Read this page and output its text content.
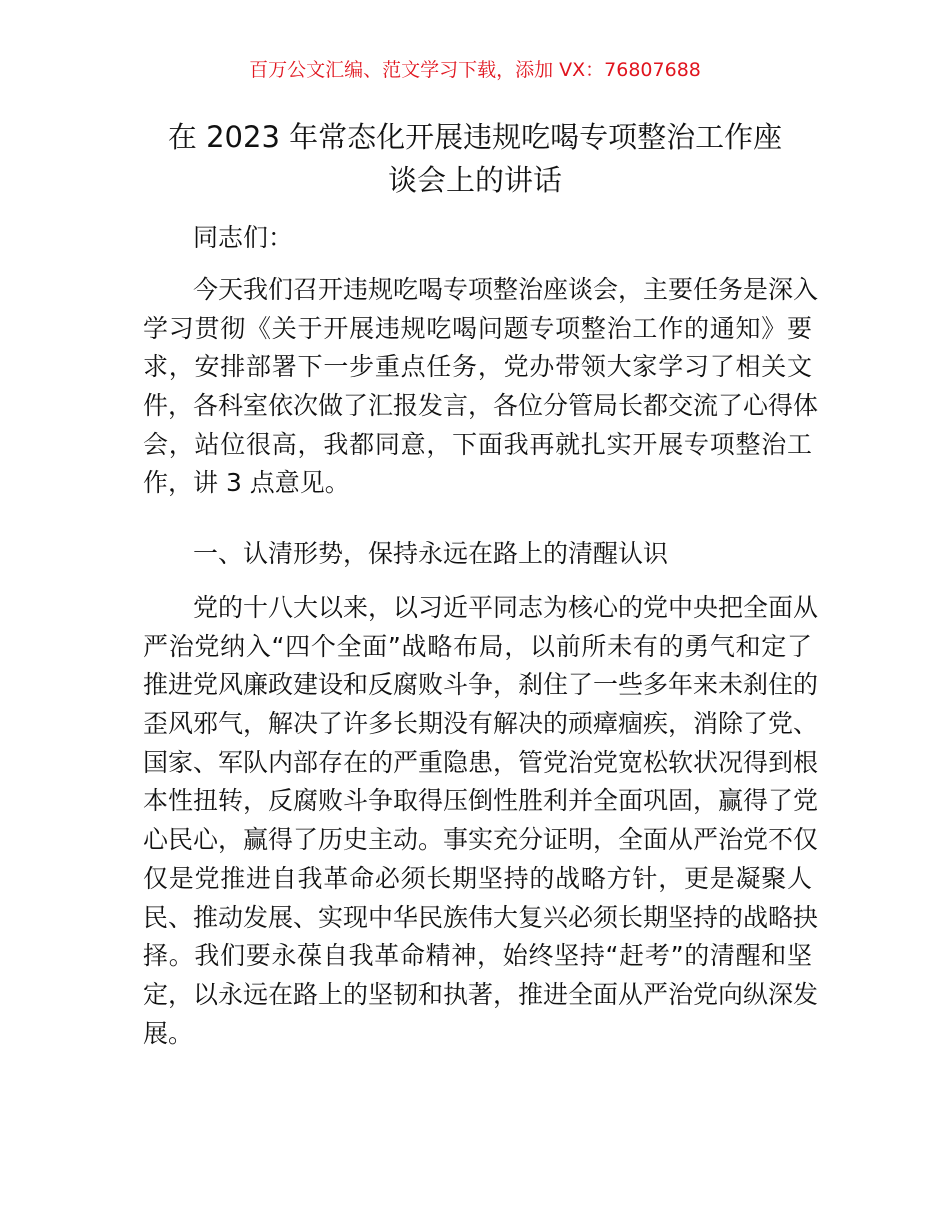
百万公文汇编、范文学习下载，添加 VX：76807688
在 2023 年常态化开展违规吃喝专项整治工作座
谈会上的讲话
同志们：
今天我们召开违规吃喝专项整治座谈会，主要任务是深入
学习贯彻《关于开展违规吃喝问题专项整治工作的通知》要
求，安排部署下一步重点任务，党办带领大家学习了相关文
件，各科室依次做了汇报发言，各位分管局长都交流了心得体
会，站位很高，我都同意，下面我再就扎实开展专项整治工
作，讲 3 点意见。
一、认清形势，保持永远在路上的清醒认识
党的十八大以来，以习近平同志为核心的党中央把全面从
严治党纳入“四个全面”战略布局，以前所未有的勇气和定了
推进党风廉政建设和反腐败斗争，刹住了一些多年来未刹住的
歪风邪气，解决了许多长期没有解决的顽瘴痼疾，消除了党、
国家、军队内部存在的严重隐患，管党治党宽松软状况得到根
本性扭转，反腐败斗争取得压倒性胜利并全面巩固，赢得了党
心民心，赢得了历史主动。事实充分证明，全面从严治党不仅
仅是党推进自我革命必须长期坚持的战略方针，更是凝聚人
民、推动发展、实现中华民族伟大复兴必须长期坚持的战略抉
择。我们要永葆自我革命精神，始终坚持“赶考”的清醒和坚
定，以永远在路上的坚韧和执著，推进全面从严治党向纵深发
展。
